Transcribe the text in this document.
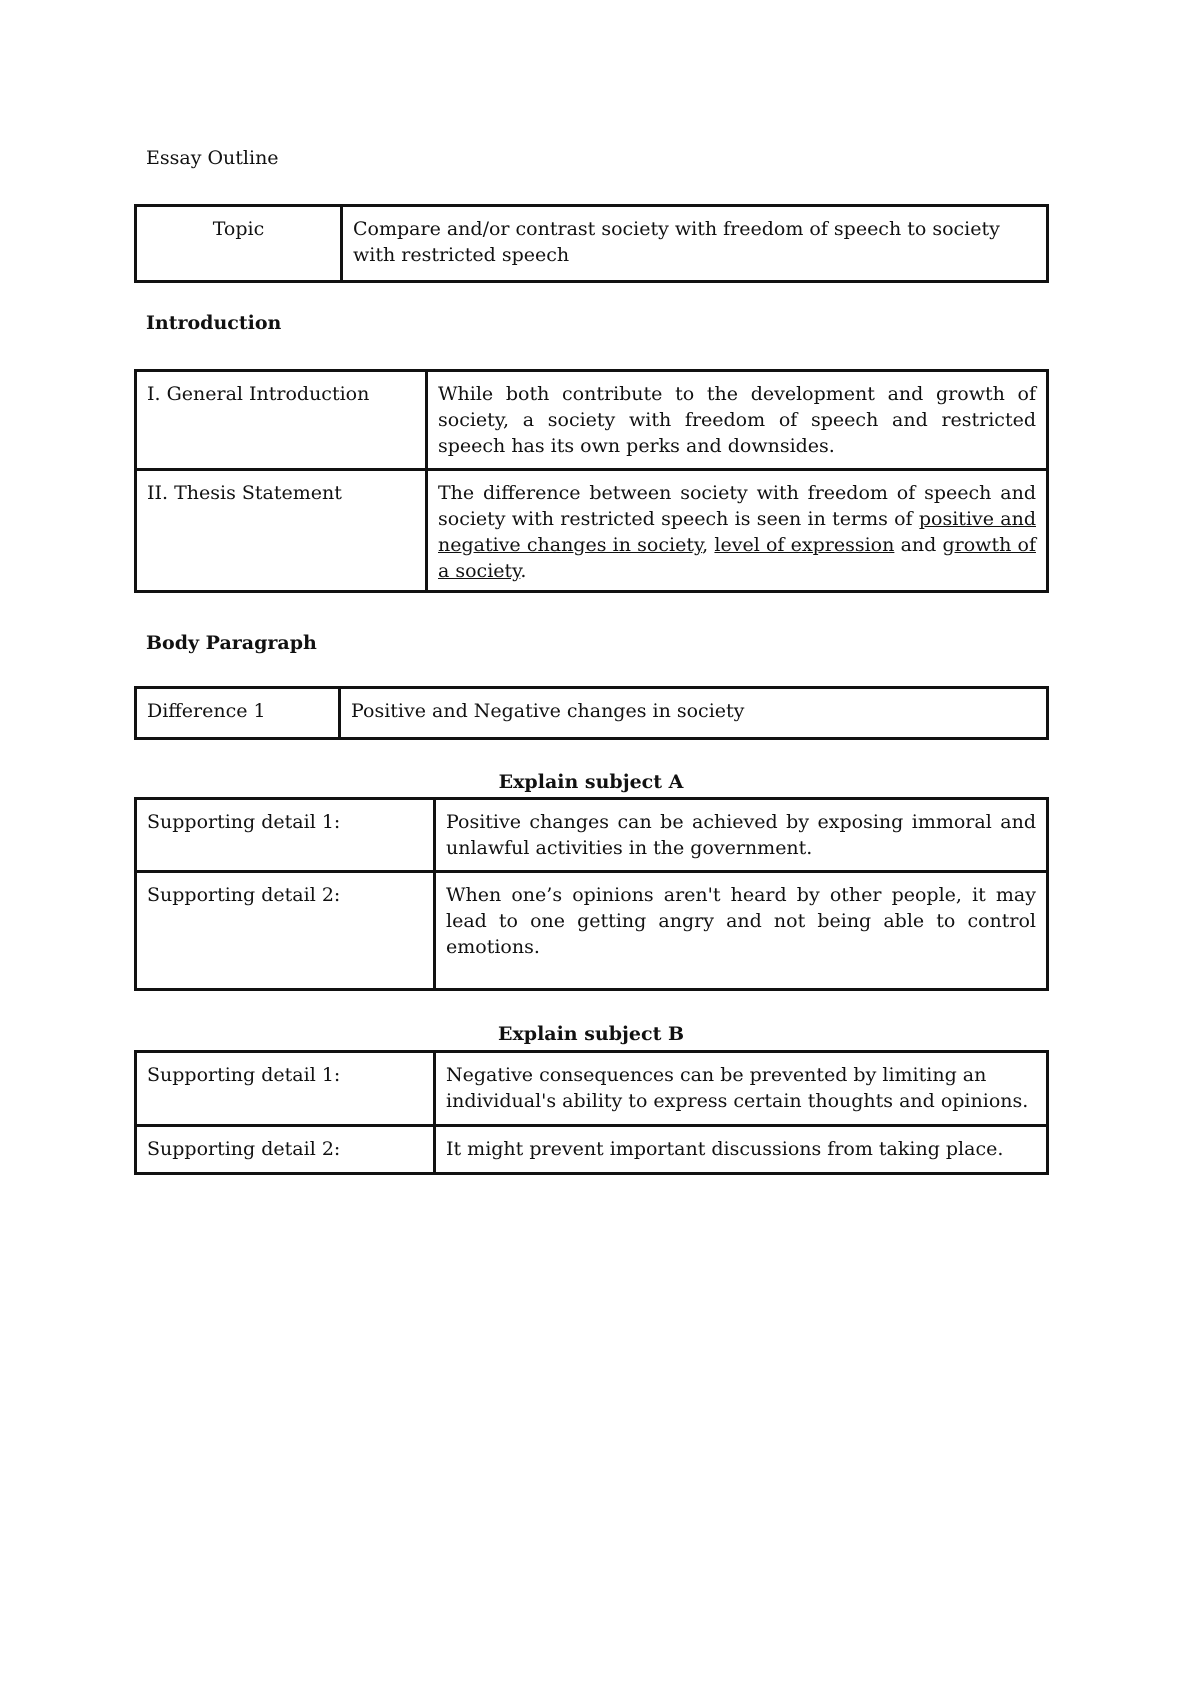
Essay Outline
Topic	Compare and/or contrast society with freedom of speech to society with restricted speech
Introduction
I. General Introduction	While both contribute to the development and growth of society, a society with freedom of speech and restricted speech has its own perks and downsides.
II. Thesis Statement	The difference between society with freedom of speech and society with restricted speech is seen in terms of positive and negative changes in society, level of expression and growth of a society.
Body Paragraph
Difference 1	Positive and Negative changes in society
Explain subject A
Supporting detail 1:	Positive changes can be achieved by exposing immoral and unlawful activities in the government.
Supporting detail 2:	When one’s opinions aren't heard by other people, it may lead to one getting angry and not being able to control emotions.
Explain subject B
Supporting detail 1:	Negative consequences can be prevented by limiting an individual's ability to express certain thoughts and opinions.
Supporting detail 2:	It might prevent important discussions from taking place.
